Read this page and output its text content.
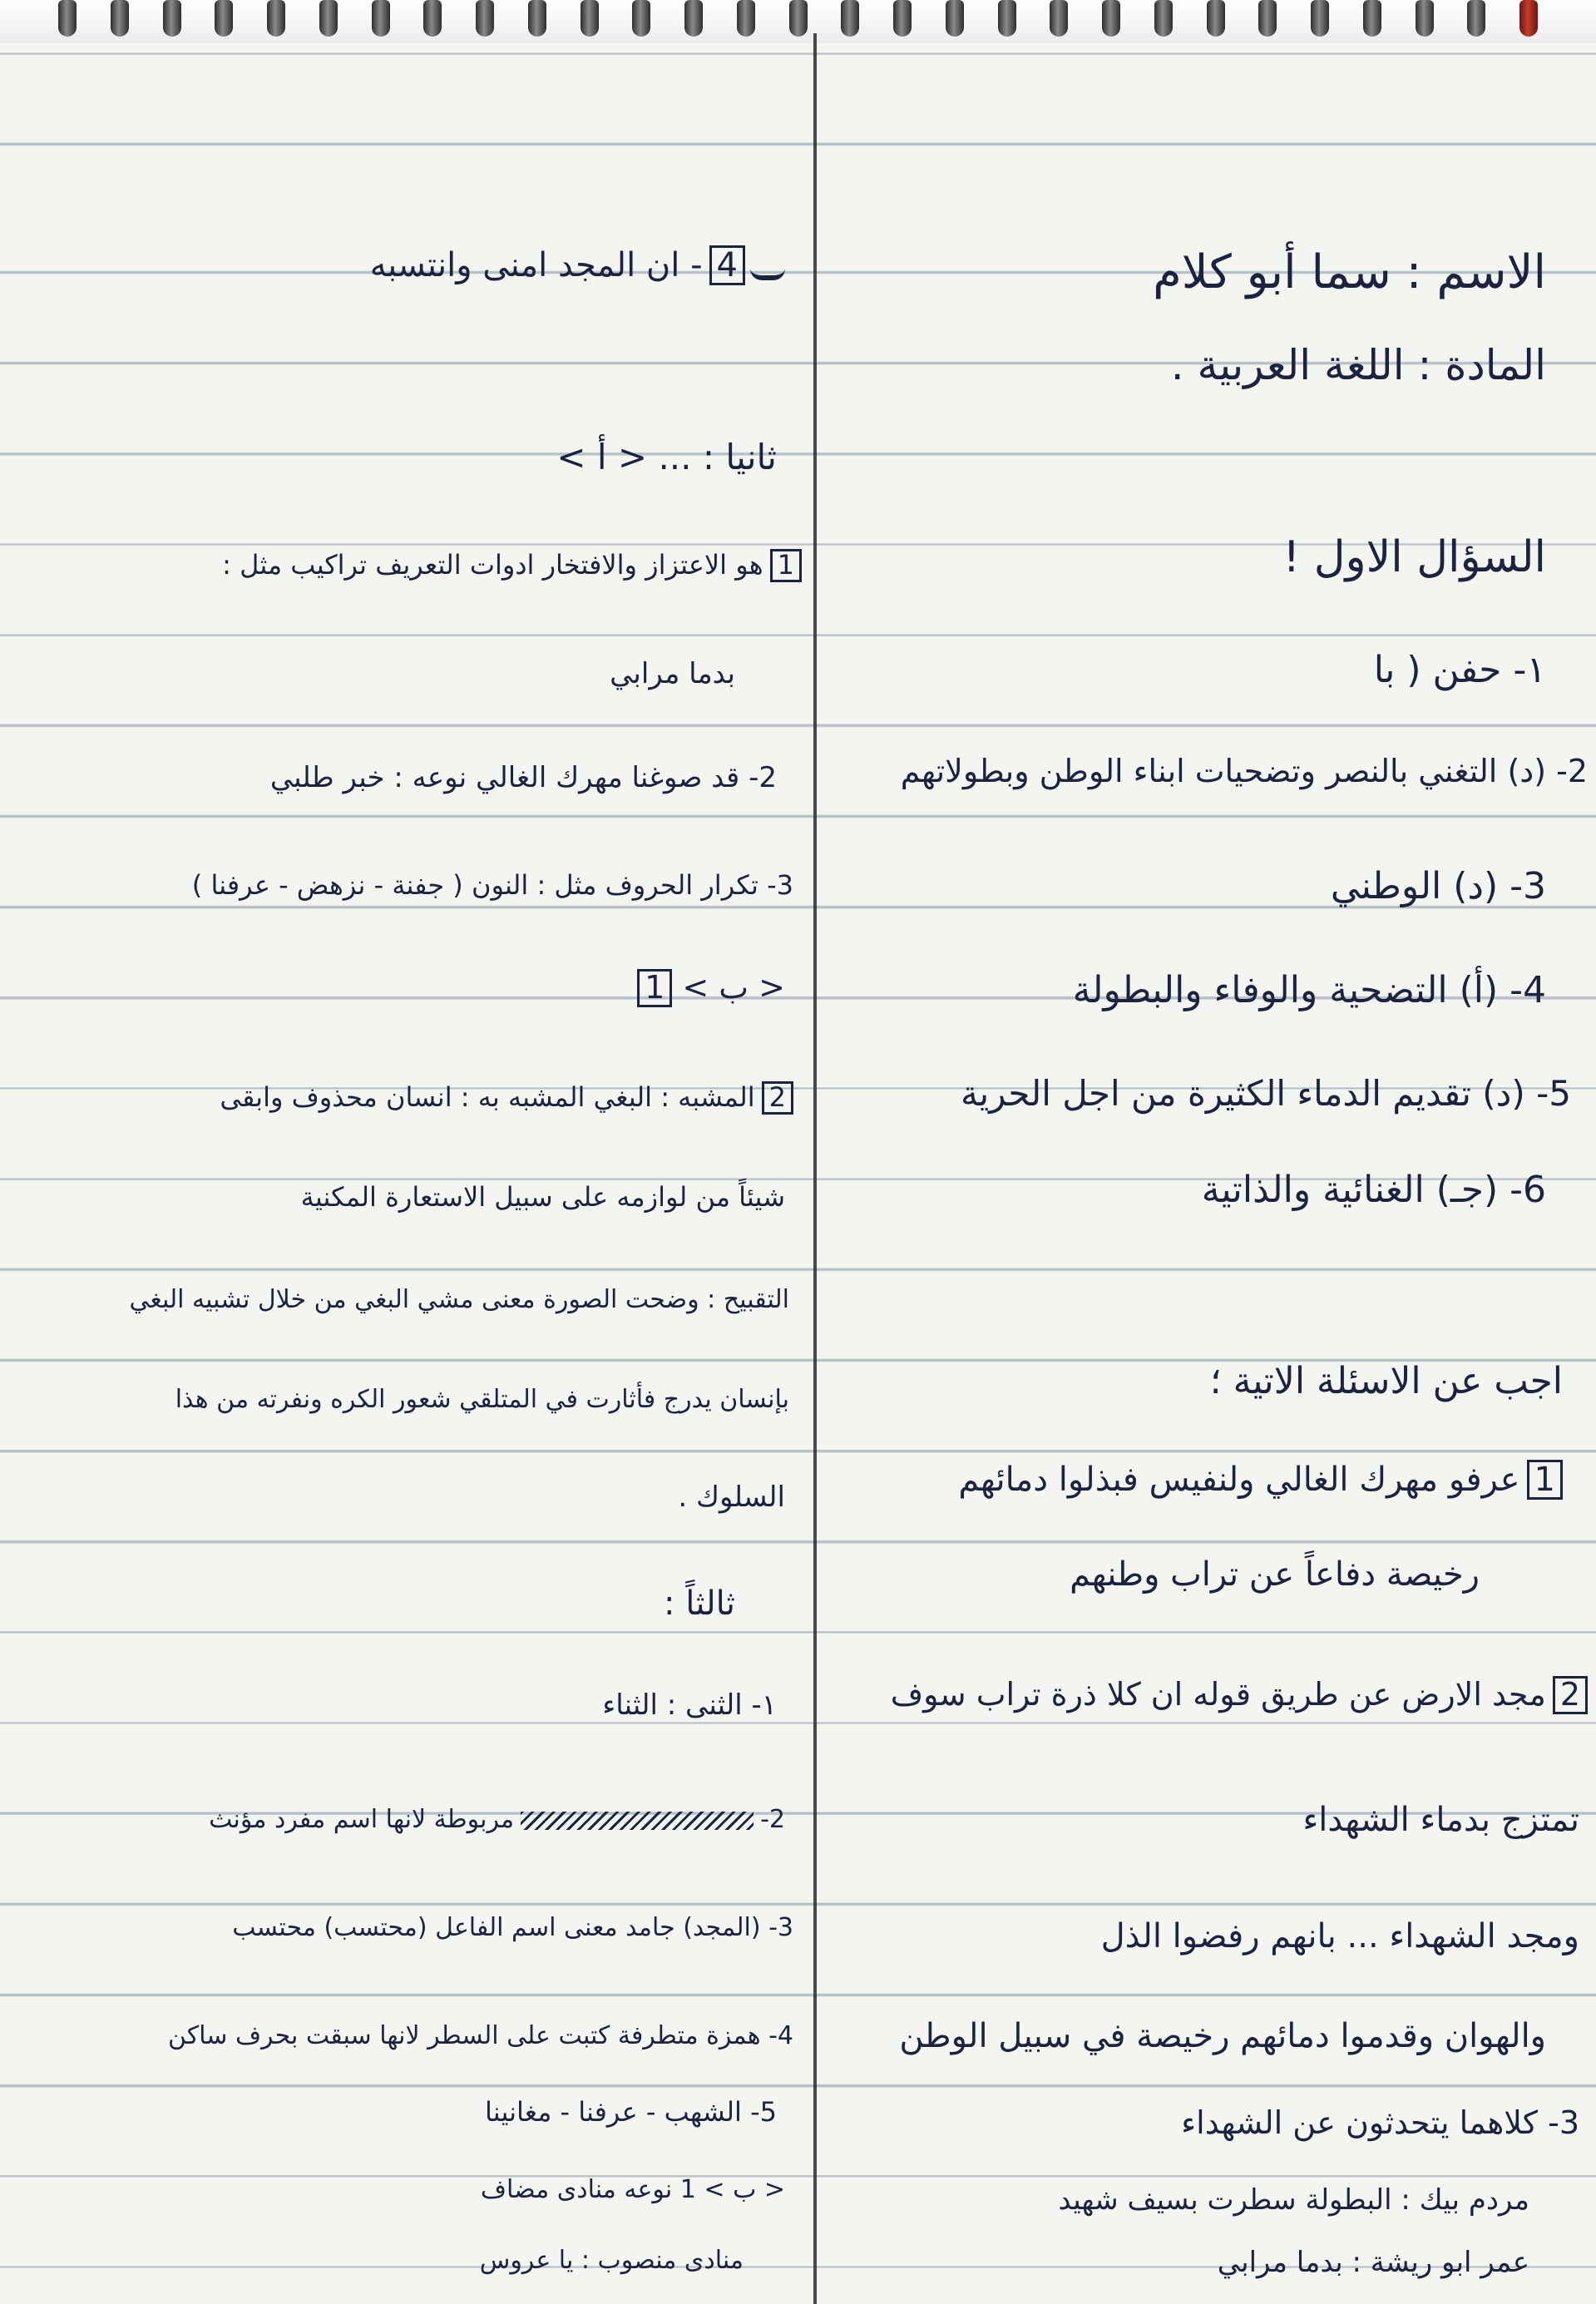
الاسم : سما أبو كلام
المادة : اللغة العربية .
السؤال الاول !
١- حفن ( با
2- (د) التغني بالنصر وتضحيات ابناء الوطن وبطولاتهم
3- (د) الوطني
4- (أ) التضحية والوفاء والبطولة
5- (د) تقديم الدماء الكثيرة من اجل الحرية
6- (جـ) الغنائية والذاتية
اجب عن الاسئلة الاتية ؛
1عرفو مهرك الغالي ولنفيس فبذلوا دمائهم
رخيصة دفاعاً عن تراب وطنهم
2مجد الارض عن طريق قوله ان كلا ذرة تراب سوف
تمتزج بدماء الشهداء
ومجد الشهداء ... بانهم رفضوا الذل
والهوان وقدموا دمائهم رخيصة في سبيل الوطن
3- كلاهما يتحدثون عن الشهداء
مردم بيك : البطولة سطرت بسيف شهيد
عمر ابو ريشة : بدما مرابي
4- ان المجد امنى وانتسبه
ثانيا : ... < أ >
1هو الاعتزاز والافتخار ادوات التعريف تراكيب مثل :
بدما مرابي
2- قد صوغنا مهرك الغالي نوعه : خبر طلبي
3- تكرار الحروف مثل : النون ( جفنة - نزهض - عرفنا )
< ب > 1
2المشبه : البغي المشبه به : انسان محذوف وابقى
شيئاً من لوازمه على سبيل الاستعارة المكنية
التقبيح : وضحت الصورة معنى مشي البغي من خلال تشبيه البغي
بإنسان يدرج فأثارت في المتلقي شعور الكره ونفرته من هذا
السلوك .
ثالثاً :
١- الثنى : الثناء
2-مربوطة لانها اسم مفرد مؤنث
3- (المجد) جامد معنى اسم الفاعل (محتسب) محتسب
4- همزة متطرفة كتبت على السطر لانها سبقت بحرف ساكن
5- الشهب - عرفنا - مغانينا
< ب > 1 نوعه منادى مضاف
منادى منصوب : يا عروس
